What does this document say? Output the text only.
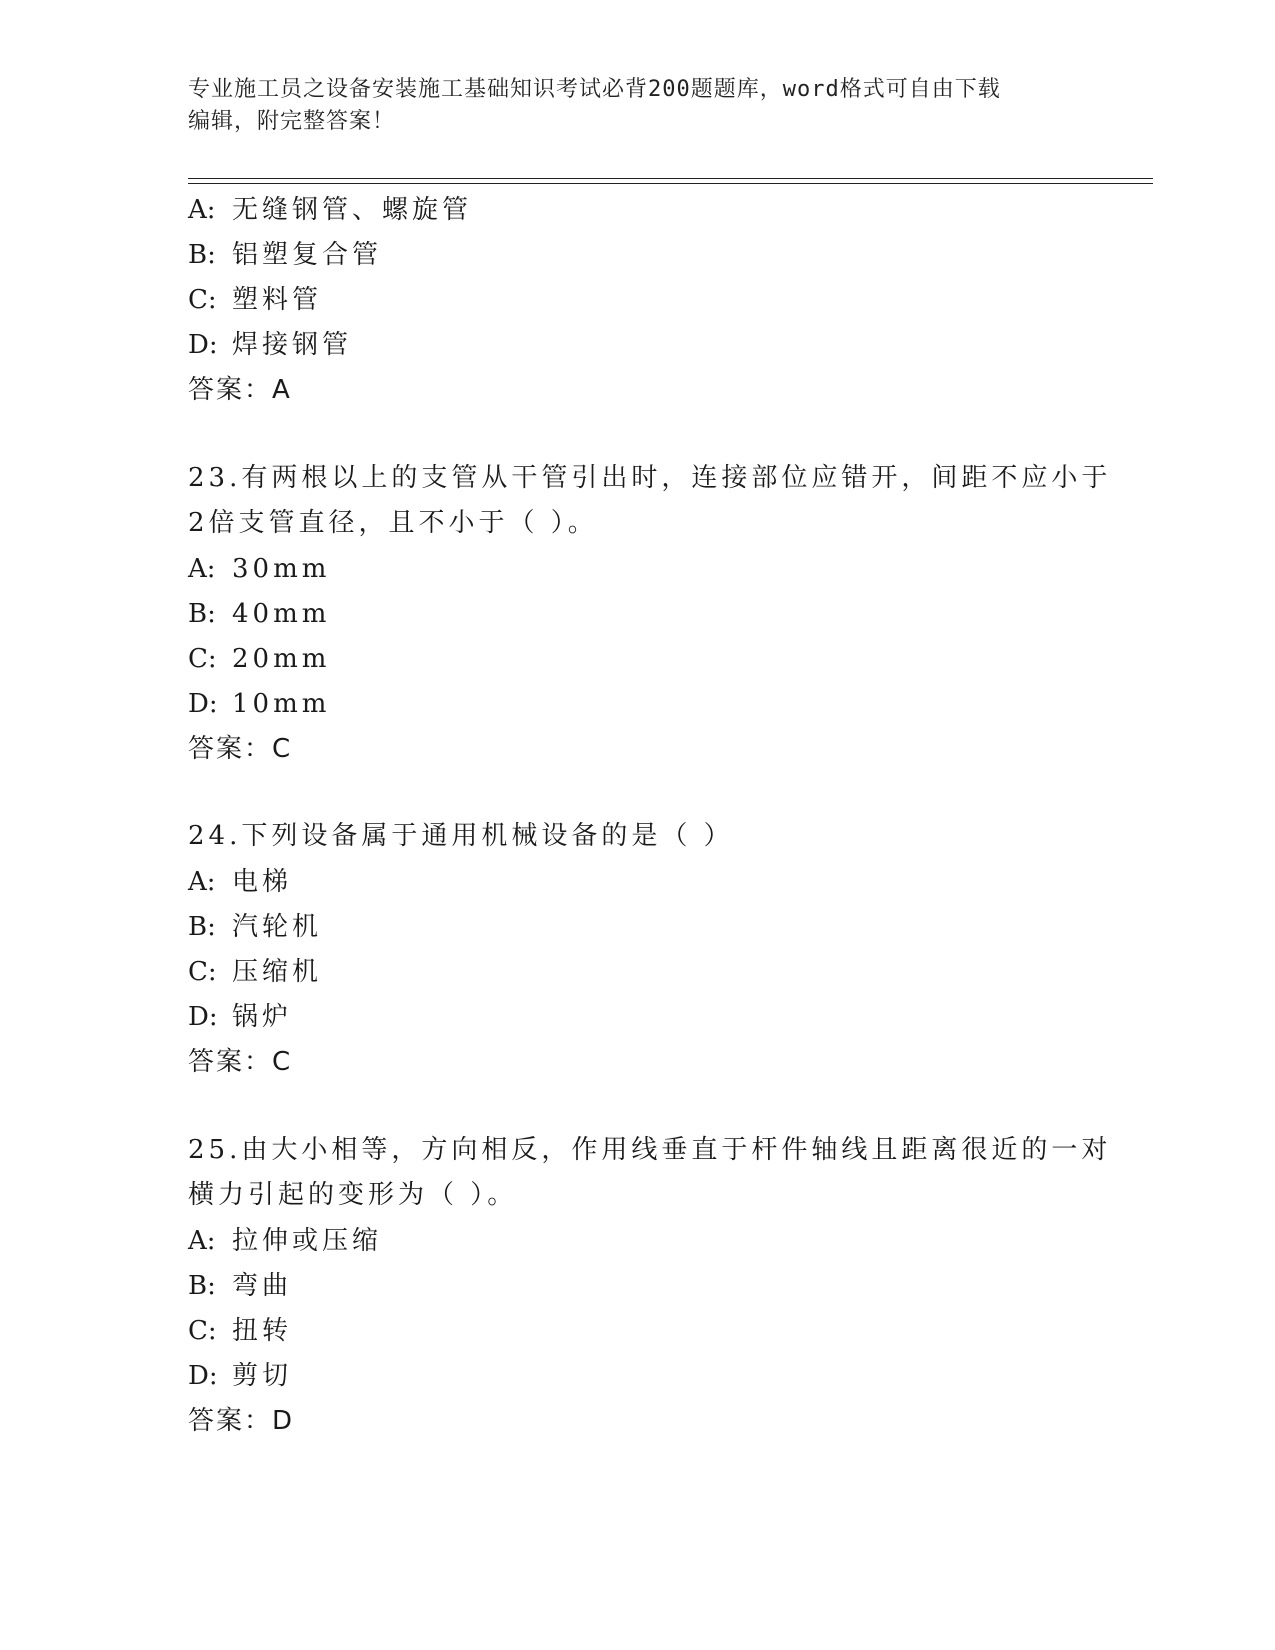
专业施工员之设备安装施工基础知识考试必背200题题库，word格式可自由下载
编辑，附完整答案！
A: 无缝钢管、螺旋管
B: 铝塑复合管
C: 塑料管
D: 焊接钢管
答案：A
23.有两根以上的支管从干管引出时，连接部位应错开，间距不应小于
2倍支管直径，且不小于（ ）。
A: 30mm
B: 40mm
C: 20mm
D: 10mm
答案：C
24.下列设备属于通用机械设备的是（ ）
A: 电梯
B: 汽轮机
C: 压缩机
D: 锅炉
答案：C
25.由大小相等，方向相反，作用线垂直于杆件轴线且距离很近的一对
横力引起的变形为（ ）。
A: 拉伸或压缩
B: 弯曲
C: 扭转
D: 剪切
答案：D
